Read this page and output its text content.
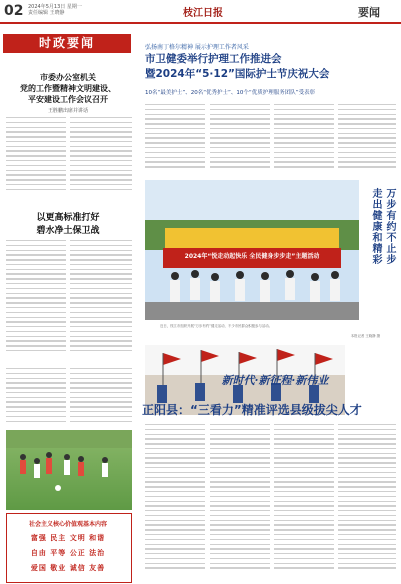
02 2024年5月13日 星期一
责任编辑 王晓静	枝江日报	要闻
时政要闻
市委办公室机关
党的工作暨精神文明建设、
平安建设工作会议召开
王胜鹏出席并讲话
以更高标准打好
碧水净土保卫战
社会主义核心价值观基本内容
富强 民主 文明 和谐
自由 平等 公正 法治
爱国 敬业 诚信 友善
弘扬南丁格尔精神 展示护理工作者风采
市卫健委举行护理工作推进会
暨2024年“5·12”国际护士节庆祝大会
10名“最美护士”、20名“优秀护士”、10个“优质护理服务团队”受表彰
万步有约不止步
走出健康和精彩
2024年“悦走动起快乐 全民健身步步走”主题活动
近日，枝江市组织开展“万步有约”健走活动，不少市民群众积极参与活动。
本报记者 王晓静 摄
新时代·新征程·新伟业
正阳县：“三看力”精准评选县级拔尖人才
